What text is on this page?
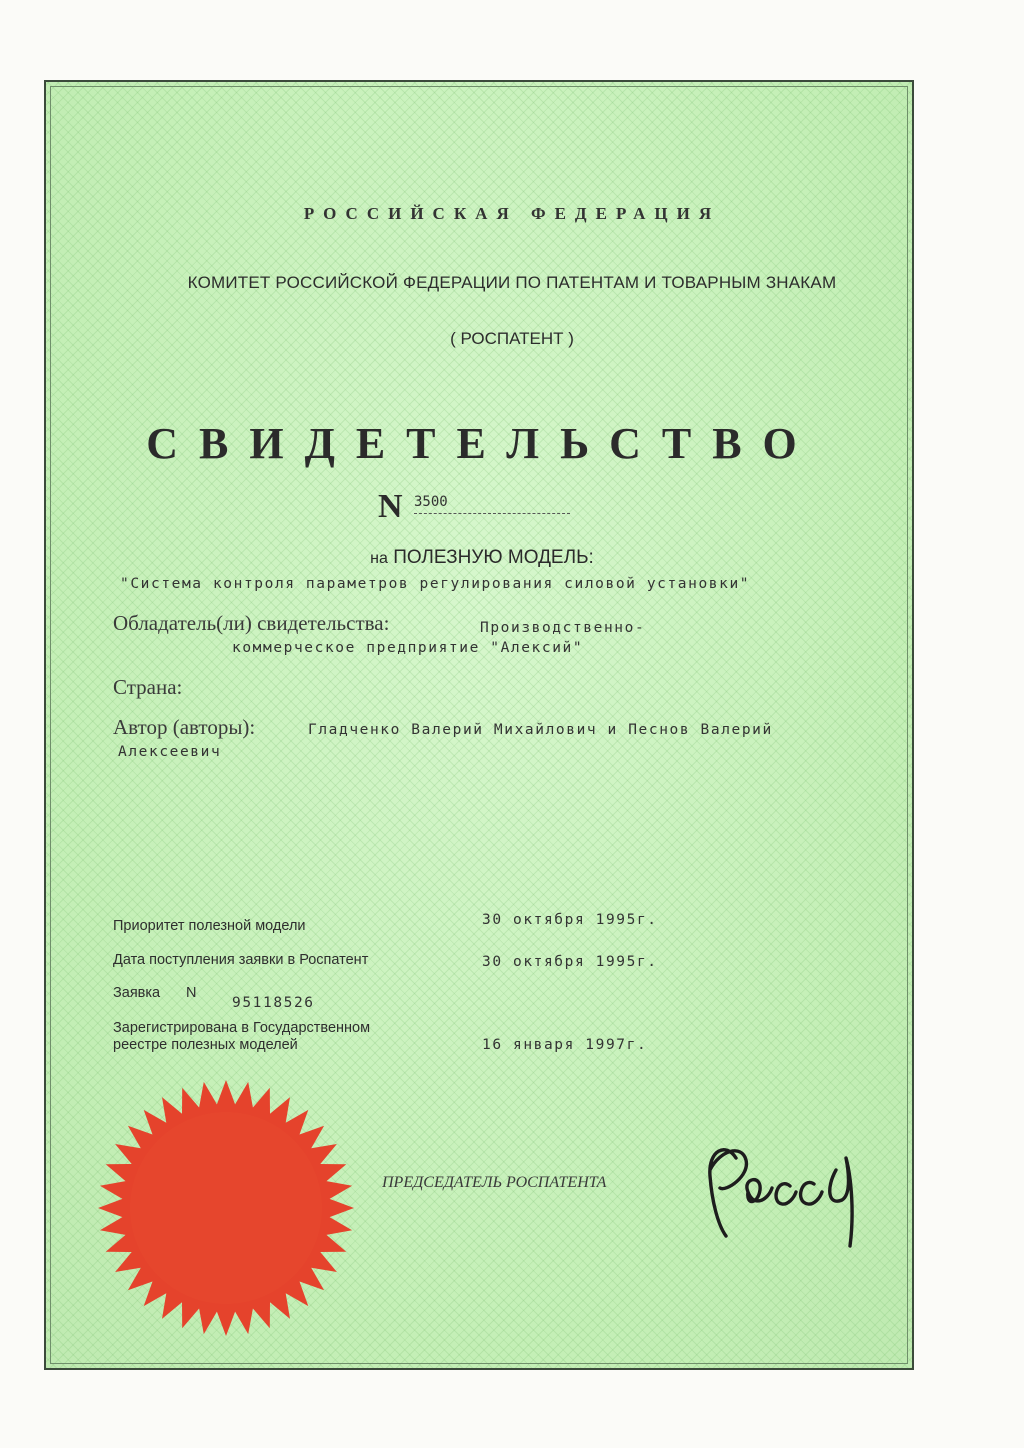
РОССИЙСКАЯ ФЕДЕРАЦИЯ
КОМИТЕТ РОССИЙСКОЙ ФЕДЕРАЦИИ ПО ПАТЕНТАМ И ТОВАРНЫМ ЗНАКАМ
( РОСПАТЕНТ )
СВИДЕТЕЛЬСТВО
N 3500
на ПОЛЕЗНУЮ МОДЕЛЬ:
"Система контроля параметров регулирования силовой установки"
Обладатель(ли) свидетельства:	Производственно-
коммерческое предприятие "Алексий"
Страна:
Автор (авторы):	Гладченко Валерий Михайлович и Песнов Валерий
Алексеевич
Приоритет полезной модели	30 октября 1995г.
Дата поступления заявки в Роспатент	30 октября 1995г.
Заявка N
95118526
Зарегистрирована в Государственном
реестре полезных моделей	16 января 1997г.
ПРЕДСЕДАТЕЛЬ РОСПАТЕНТА
